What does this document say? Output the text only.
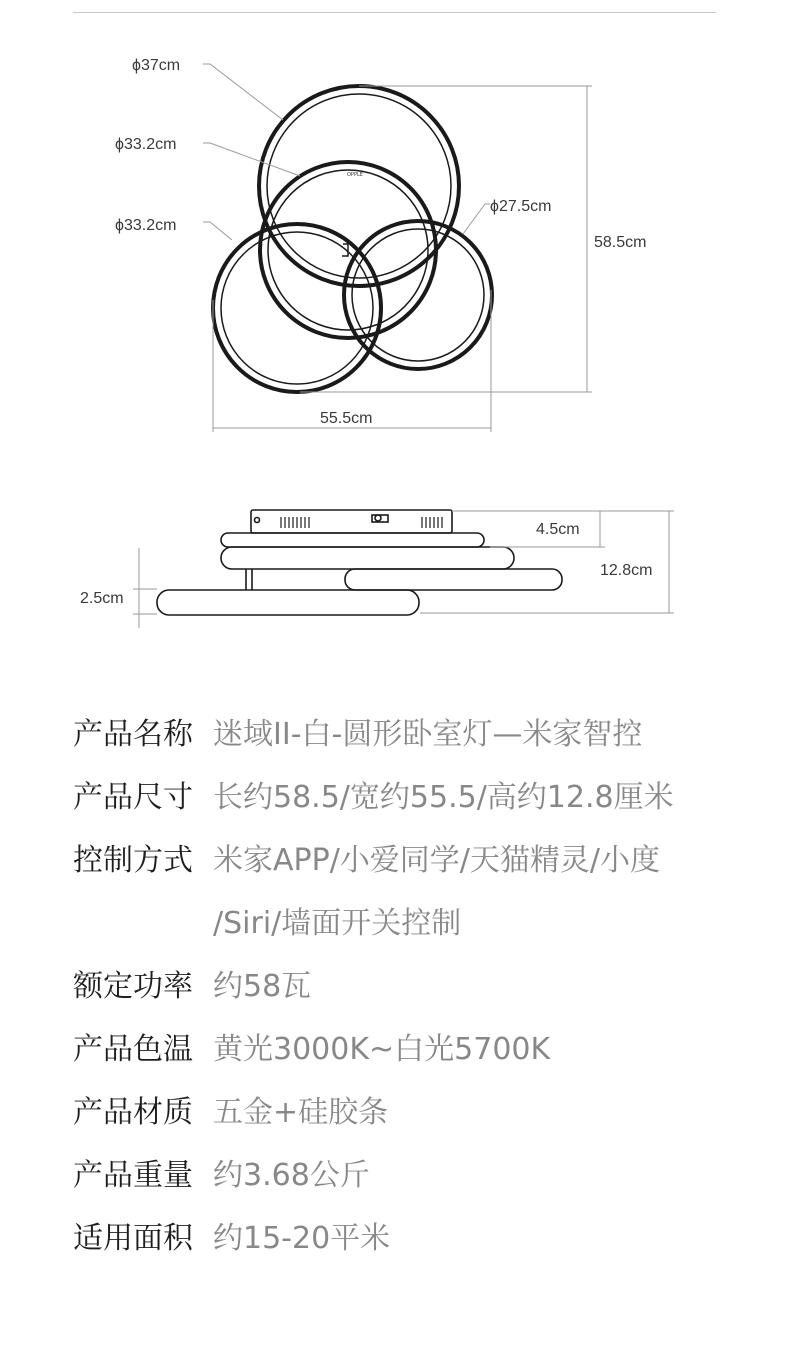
OPPLE
ϕ37cm
ϕ33.2cm
ϕ33.2cm
ϕ27.5cm
58.5cm
55.5cm
4.5cm
12.8cm
2.5cm
产品名称 迷域II-白-圆形卧室灯—米家智控
产品尺寸 长约58.5/宽约55.5/高约12.8厘米
控制方式 米家APP/小爱同学/天猫精灵/小度
/Siri/墙面开关控制
额定功率 约58瓦
产品色温 黄光3000K~白光5700K
产品材质 五金+硅胶条
产品重量 约3.68公斤
适用面积 约15-20平米
